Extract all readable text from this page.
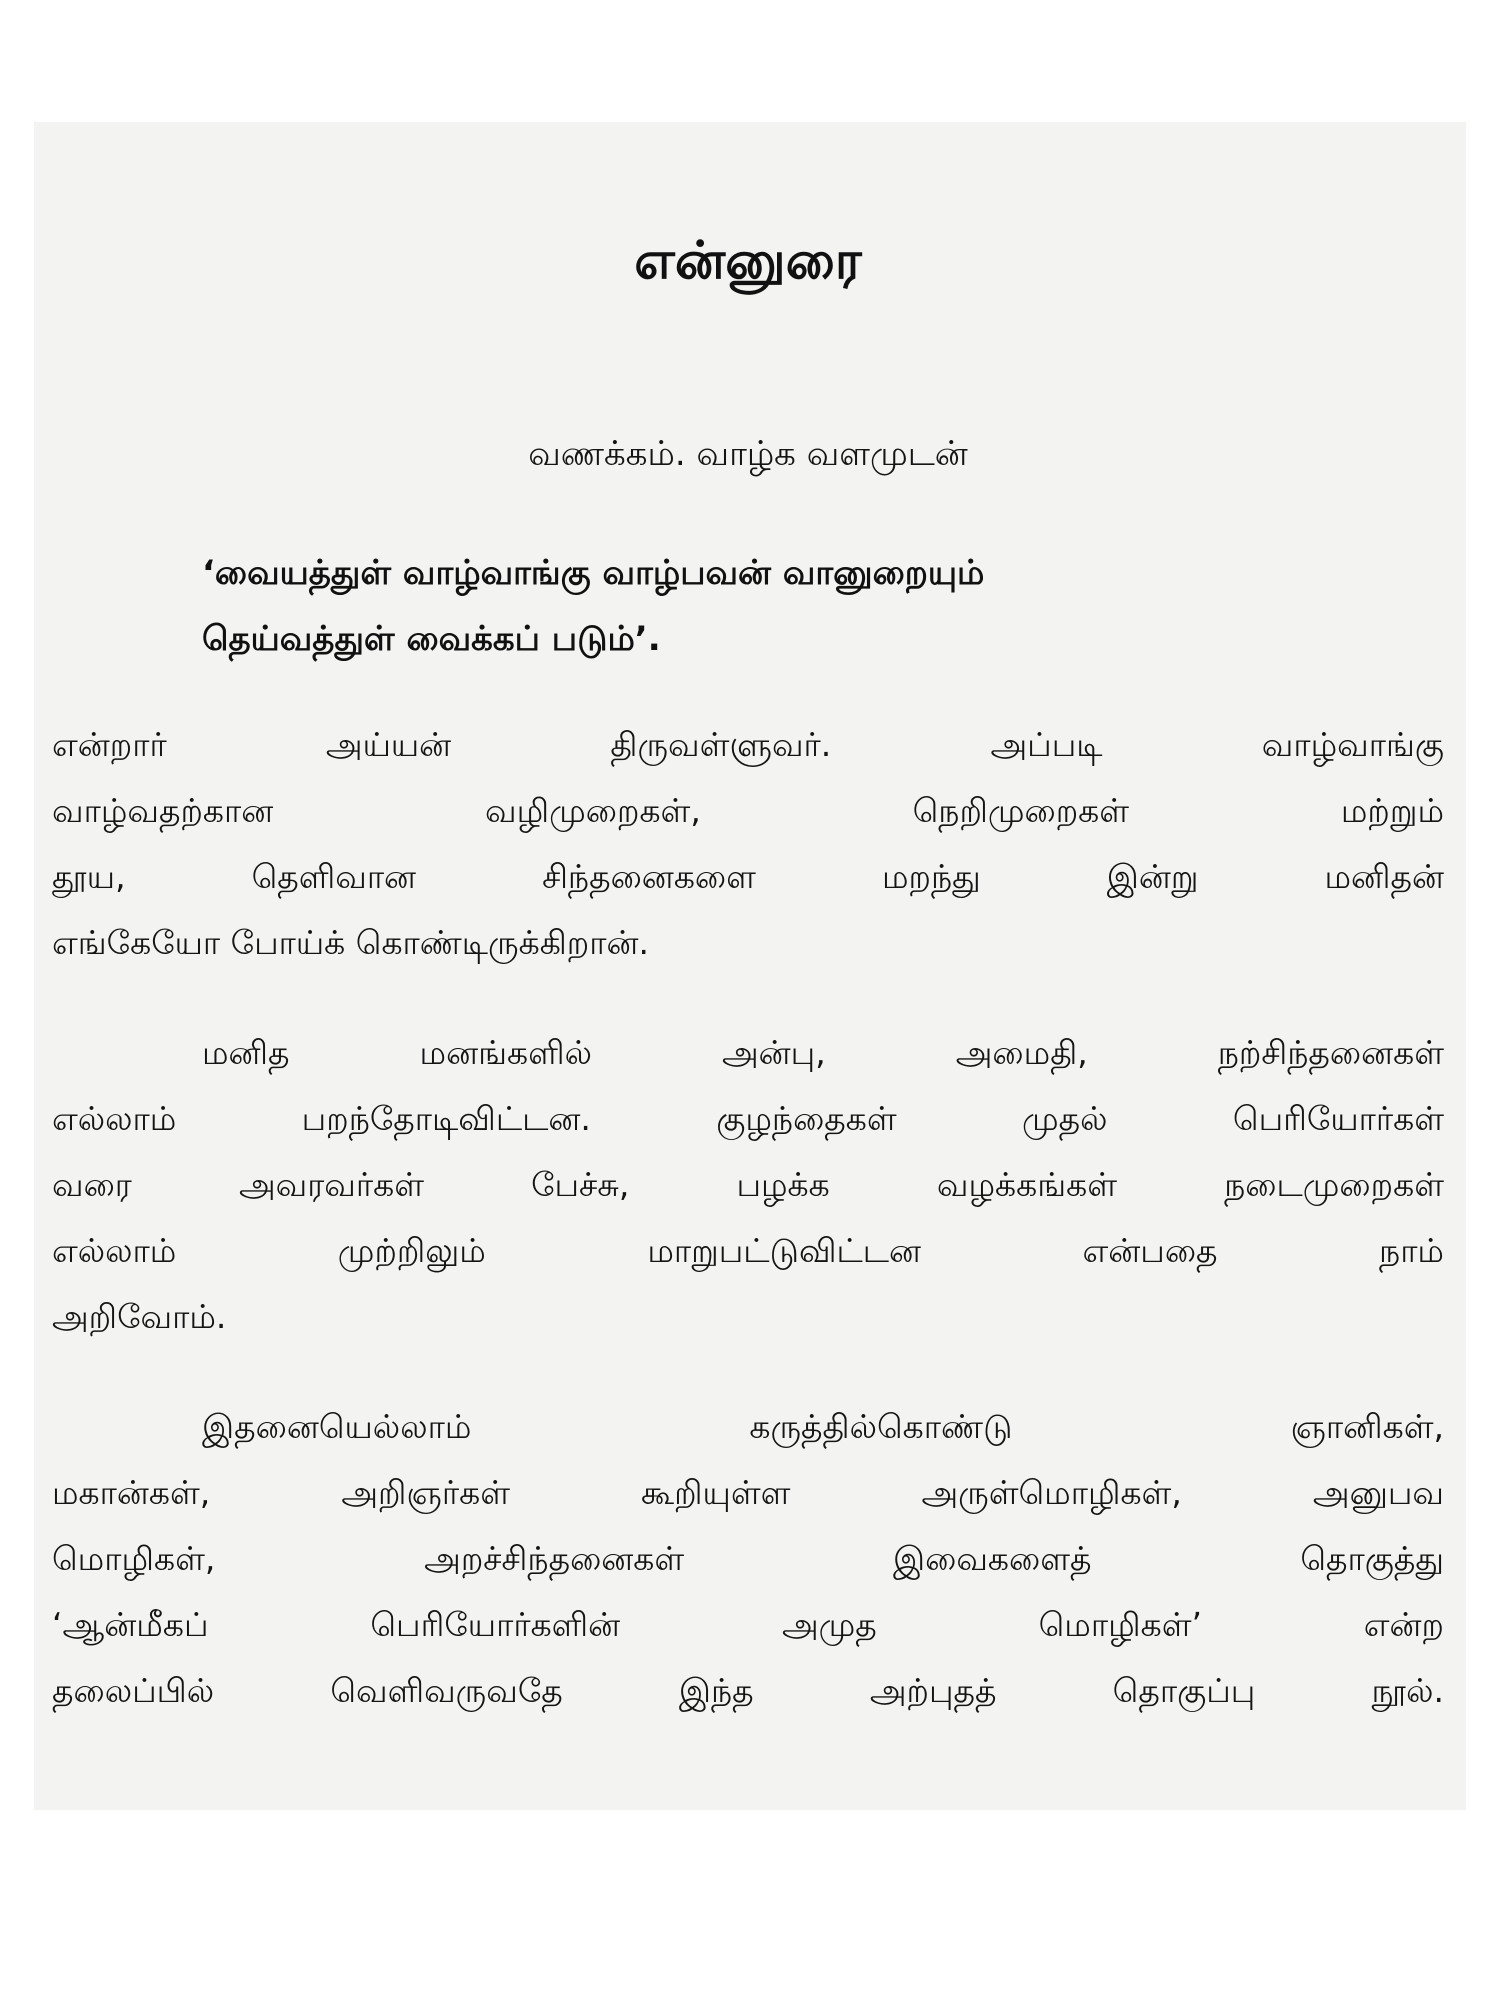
என்னுரை
வணக்கம். வாழ்க வளமுடன்
‘வையத்துள் வாழ்வாங்கு வாழ்பவன் வானுறையும்
தெய்வத்துள் வைக்கப் படும்’.
என்றார் அய்யன் திருவள்ளுவர். அப்படி வாழ்வாங்கு
வாழ்வதற்கான வழிமுறைகள், நெறிமுறைகள் மற்றும்
தூய, தெளிவான சிந்தனைகளை மறந்து இன்று மனிதன்
எங்கேயோ போய்க் கொண்டிருக்கிறான்.
மனித மனங்களில் அன்பு, அமைதி, நற்சிந்தனைகள்
எல்லாம் பறந்தோடிவிட்டன. குழந்தைகள் முதல் பெரியோர்கள்
வரை அவரவர்கள் பேச்சு, பழக்க வழக்கங்கள் நடைமுறைகள்
எல்லாம் முற்றிலும் மாறுபட்டுவிட்டன என்பதை நாம்
அறிவோம்.
இதனையெல்லாம் கருத்தில்கொண்டு ஞானிகள்,
மகான்கள், அறிஞர்கள் கூறியுள்ள அருள்மொழிகள், அனுபவ
மொழிகள், அறச்சிந்தனைகள் இவைகளைத் தொகுத்து
‘ஆன்மீகப் பெரியோர்களின் அமுத மொழிகள்’ என்ற
தலைப்பில் வெளிவருவதே இந்த அற்புதத் தொகுப்பு நூல்.
